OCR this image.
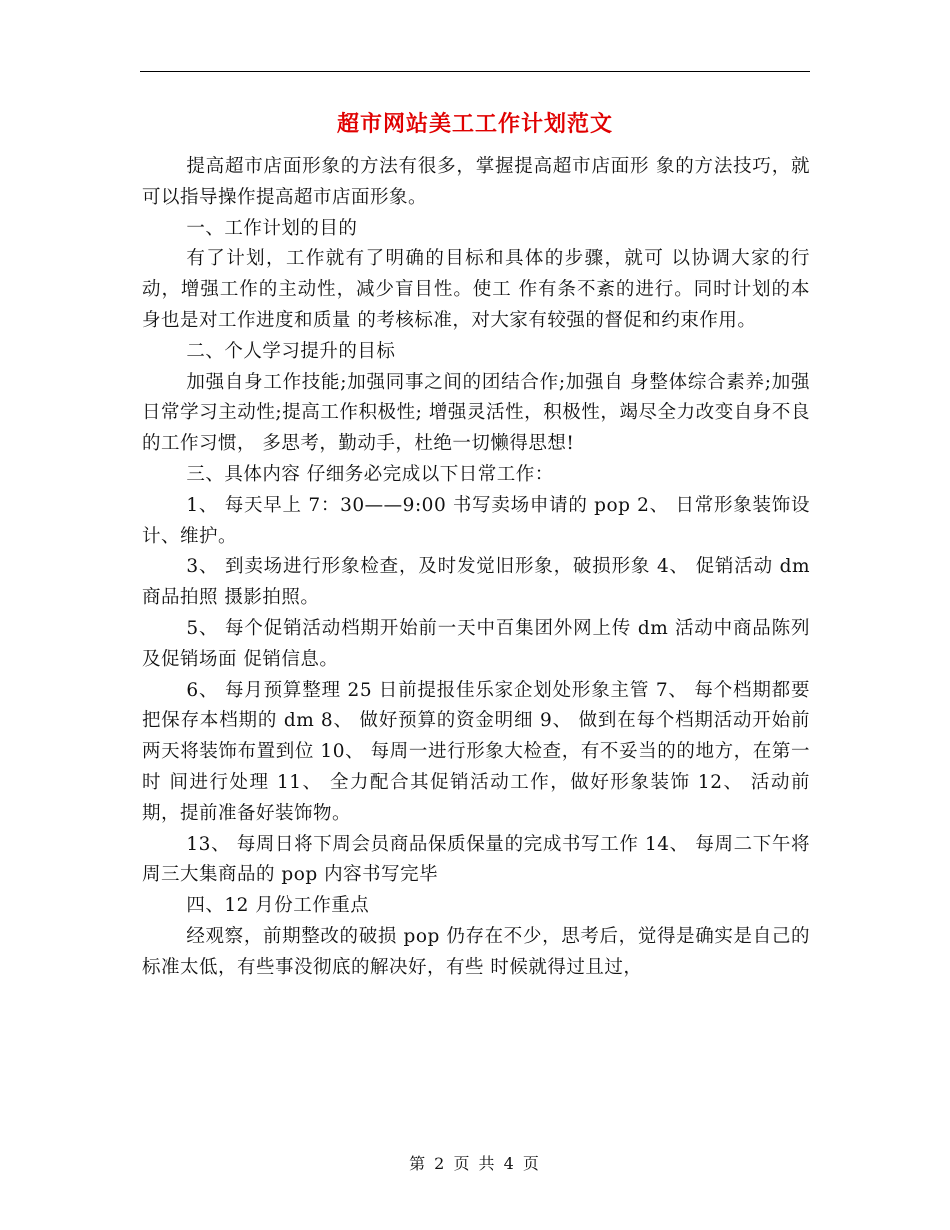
超市网站美工工作计划范文

提高超市店面形象的方法有很多，掌握提高超市店面形 象的方法技巧，就可以指导操作提高超市店面形象。

一、工作计划的目的

有了计划，工作就有了明确的目标和具体的步骤，就可 以协调大家的行动，增强工作的主动性，减少盲目性。使工 作有条不紊的进行。同时计划的本身也是对工作进度和质量 的考核标准，对大家有较强的督促和约束作用。

二、个人学习提升的目标

加强自身工作技能;加强同事之间的团结合作;加强自 身整体综合素养;加强日常学习主动性;提高工作积极性; 增强灵活性，积极性，竭尽全力改变自身不良的工作习惯， 多思考，勤动手，杜绝一切懒得思想!

三、具体内容 仔细务必完成以下日常工作：

1、 每天早上 7：30——9:00 书写卖场申请的 pop 2、 日常形象装饰设计、维护。

3、 到卖场进行形象检查，及时发觉旧形象，破损形象 4、 促销活动 dm 商品拍照 摄影拍照。

5、 每个促销活动档期开始前一天中百集团外网上传 dm 活动中商品陈列及促销场面 促销信息。

6、 每月预算整理 25 日前提报佳乐家企划处形象主管 7、 每个档期都要把保存本档期的 dm 8、 做好预算的资金明细 9、 做到在每个档期活动开始前两天将装饰布置到位 10、 每周一进行形象大检查，有不妥当的的地方，在第一时 间进行处理 11、 全力配合其促销活动工作，做好形象装饰 12、 活动前期，提前准备好装饰物。

13、 每周日将下周会员商品保质保量的完成书写工作 14、 每周二下午将周三大集商品的 pop 内容书写完毕

四、12 月份工作重点

经观察，前期整改的破损 pop 仍存在不少，思考后，觉得是确实是自己的标准太低，有些事没彻底的解决好，有些 时候就得过且过，

第 2 页 共 4 页
